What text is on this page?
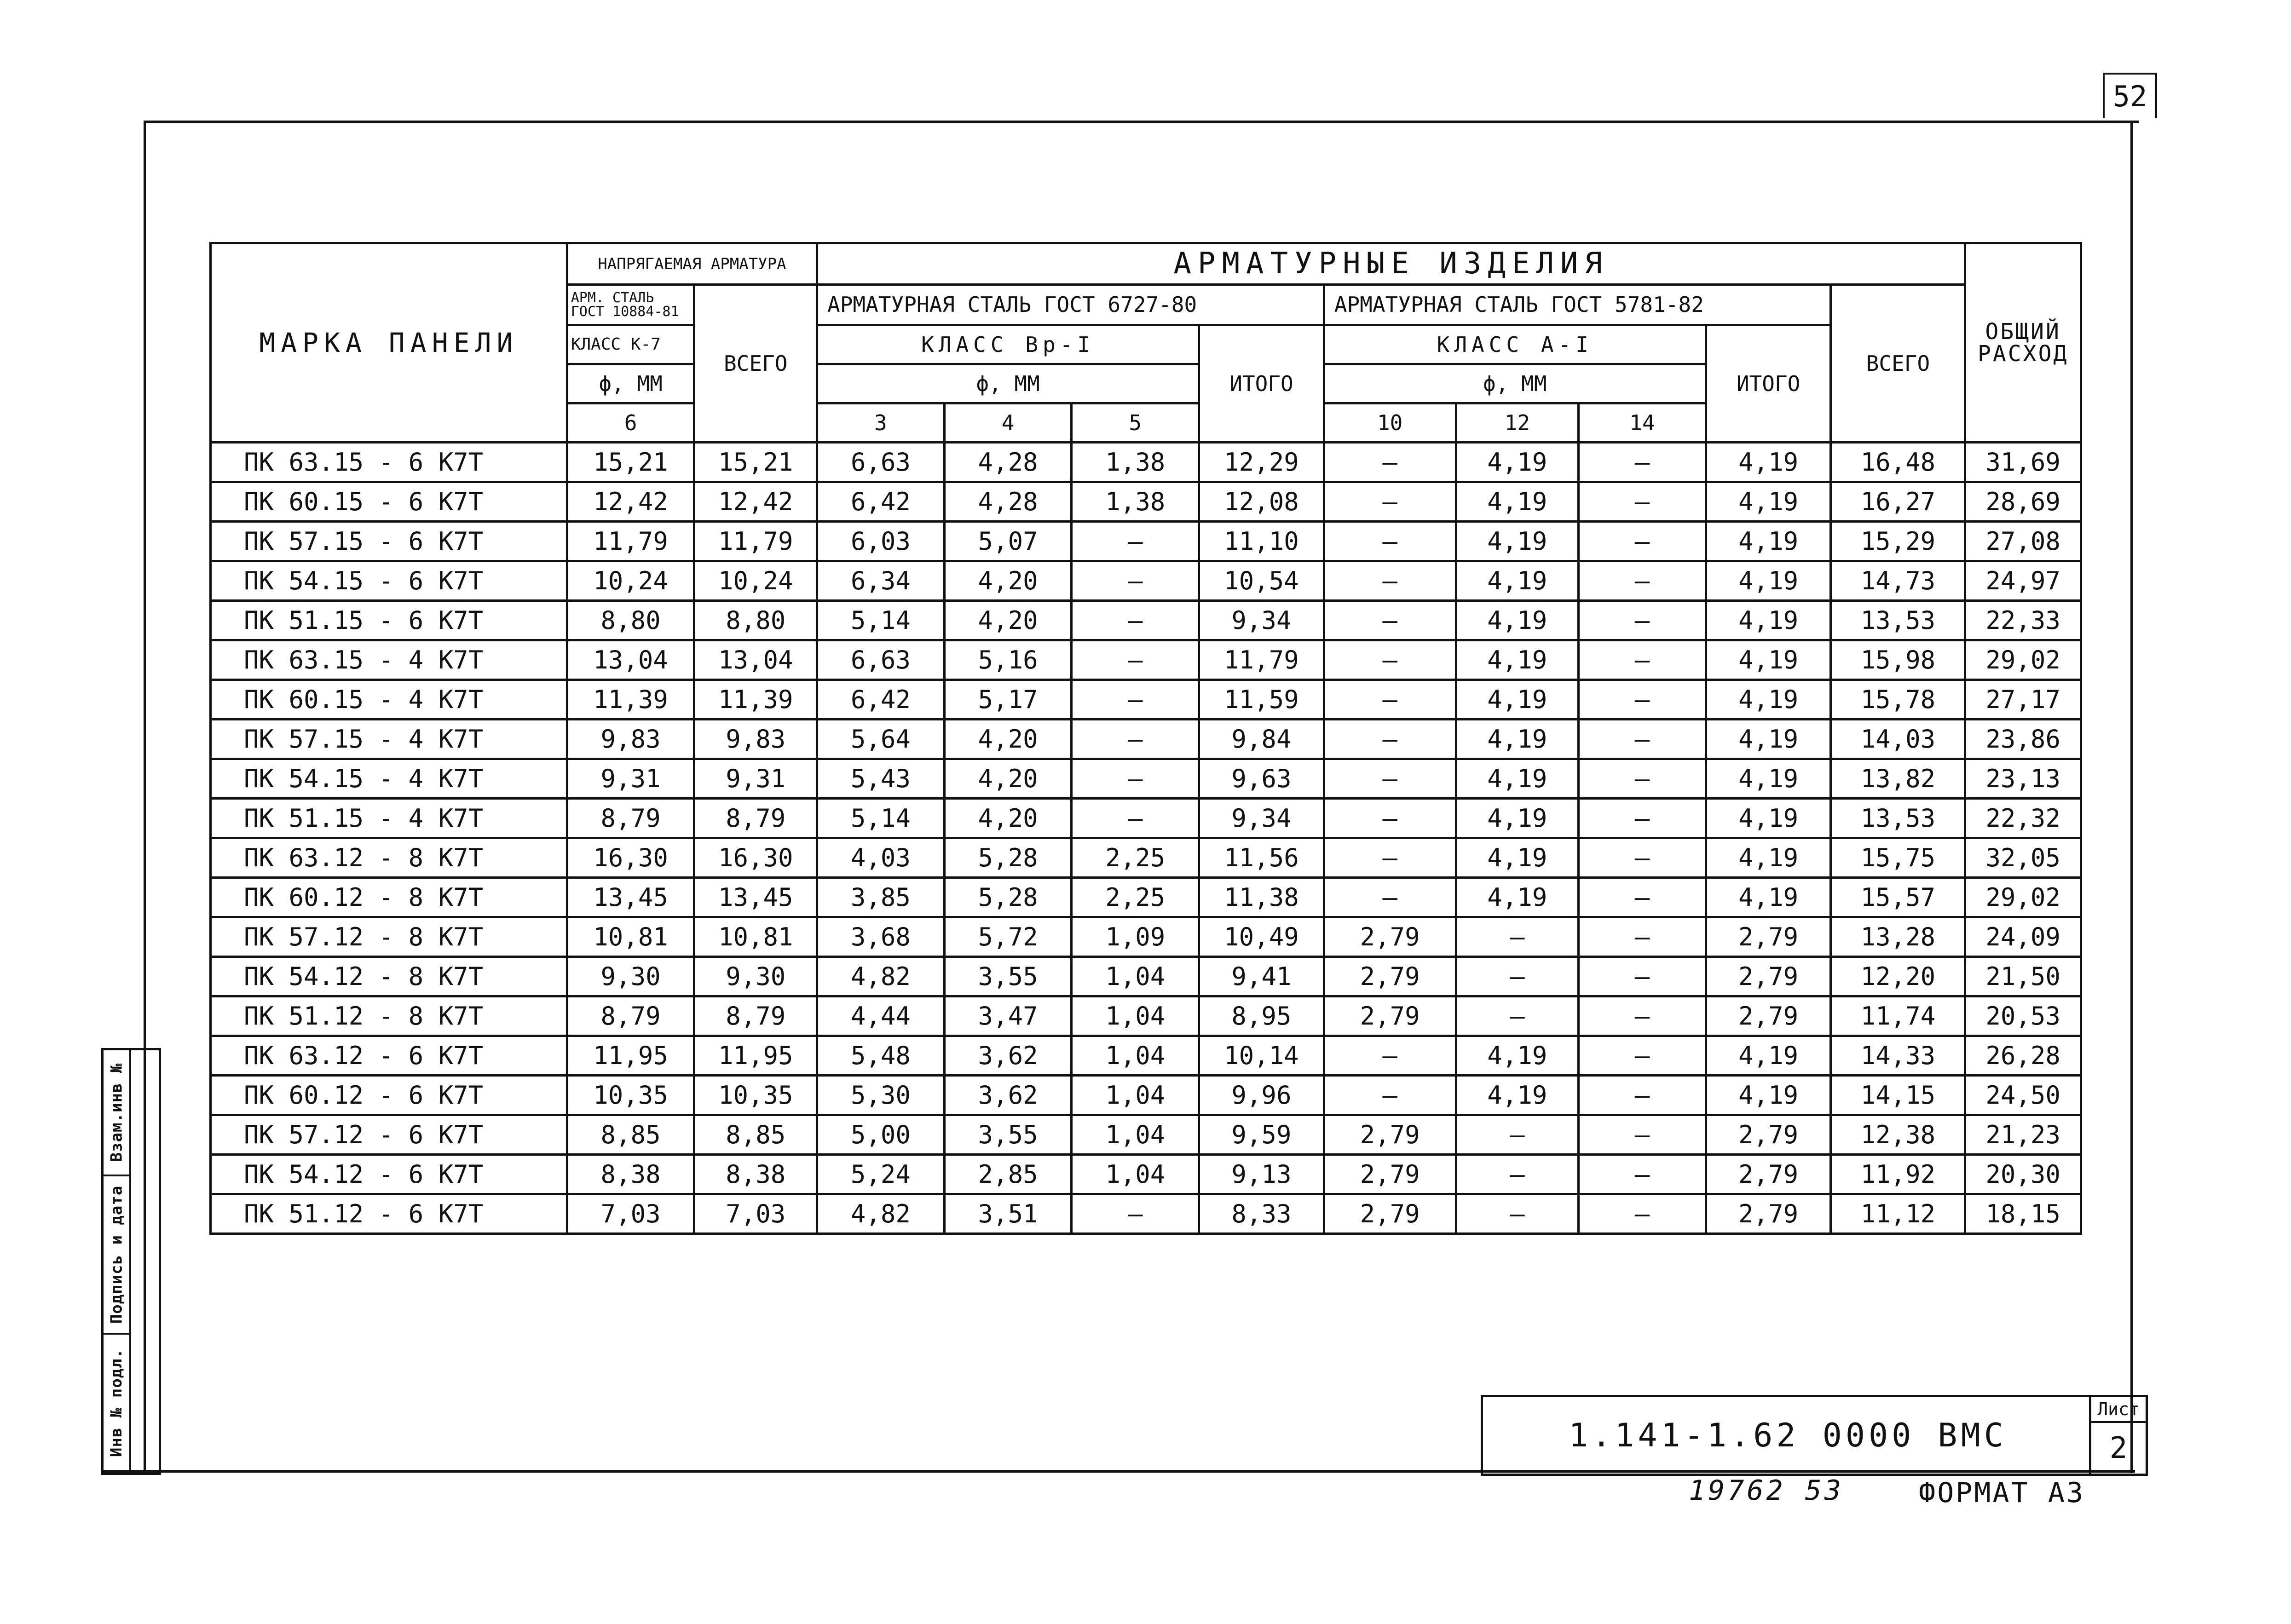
52
Взам.инв №
Подпись и дата
Инв № подл.
МАРКА ПАНЕЛИ	НАПРЯГАЕМАЯ АРМАТУРА		АРМАТУРНЫЕ ИЗДЕЛИЯ									ОБЩИЙ РАСХОД
	АРМ. СТАЛЬ ГОСТ 10884-81	ВСЕГО	АРМАТУРНАЯ СТАЛЬ ГОСТ 6727-80				АРМАТУРНАЯ СТАЛЬ ГОСТ 5781-82				ВСЕГО	
	КЛАСС К-7		КЛАСС Вр-I			ИТОГО	КЛАСС А-I			ИТОГО		
	ϕ, ММ		ϕ, ММ				ϕ, ММ					
	6		3	4	5		10	12	14			
ПК 63.15 - 6 К7Т	15,21	15,21	6,63	4,28	1,38	12,29	—	4,19	—	4,19	16,48	31,69
ПК 60.15 - 6 К7Т	12,42	12,42	6,42	4,28	1,38	12,08	—	4,19	—	4,19	16,27	28,69
ПК 57.15 - 6 К7Т	11,79	11,79	6,03	5,07	—	11,10	—	4,19	—	4,19	15,29	27,08
ПК 54.15 - 6 К7Т	10,24	10,24	6,34	4,20	—	10,54	—	4,19	—	4,19	14,73	24,97
ПК 51.15 - 6 К7Т	8,80	8,80	5,14	4,20	—	9,34	—	4,19	—	4,19	13,53	22,33
ПК 63.15 - 4 К7Т	13,04	13,04	6,63	5,16	—	11,79	—	4,19	—	4,19	15,98	29,02
ПК 60.15 - 4 К7Т	11,39	11,39	6,42	5,17	—	11,59	—	4,19	—	4,19	15,78	27,17
ПК 57.15 - 4 К7Т	9,83	9,83	5,64	4,20	—	9,84	—	4,19	—	4,19	14,03	23,86
ПК 54.15 - 4 К7Т	9,31	9,31	5,43	4,20	—	9,63	—	4,19	—	4,19	13,82	23,13
ПК 51.15 - 4 К7Т	8,79	8,79	5,14	4,20	—	9,34	—	4,19	—	4,19	13,53	22,32
ПК 63.12 - 8 К7Т	16,30	16,30	4,03	5,28	2,25	11,56	—	4,19	—	4,19	15,75	32,05
ПК 60.12 - 8 К7Т	13,45	13,45	3,85	5,28	2,25	11,38	—	4,19	—	4,19	15,57	29,02
ПК 57.12 - 8 К7Т	10,81	10,81	3,68	5,72	1,09	10,49	2,79	—	—	2,79	13,28	24,09
ПК 54.12 - 8 К7Т	9,30	9,30	4,82	3,55	1,04	9,41	2,79	—	—	2,79	12,20	21,50
ПК 51.12 - 8 К7Т	8,79	8,79	4,44	3,47	1,04	8,95	2,79	—	—	2,79	11,74	20,53
ПК 63.12 - 6 К7Т	11,95	11,95	5,48	3,62	1,04	10,14	—	4,19	—	4,19	14,33	26,28
ПК 60.12 - 6 К7Т	10,35	10,35	5,30	3,62	1,04	9,96	—	4,19	—	4,19	14,15	24,50
ПК 57.12 - 6 К7Т	8,85	8,85	5,00	3,55	1,04	9,59	2,79	—	—	2,79	12,38	21,23
ПК 54.12 - 6 К7Т	8,38	8,38	5,24	2,85	1,04	9,13	2,79	—	—	2,79	11,92	20,30
ПК 51.12 - 6 К7Т	7,03	7,03	4,82	3,51	—	8,33	2,79	—	—	2,79	11,12	18,15
1.141-1.62 0000 ВМС
Лист
2
19762 53	ФОРМАТ А3
